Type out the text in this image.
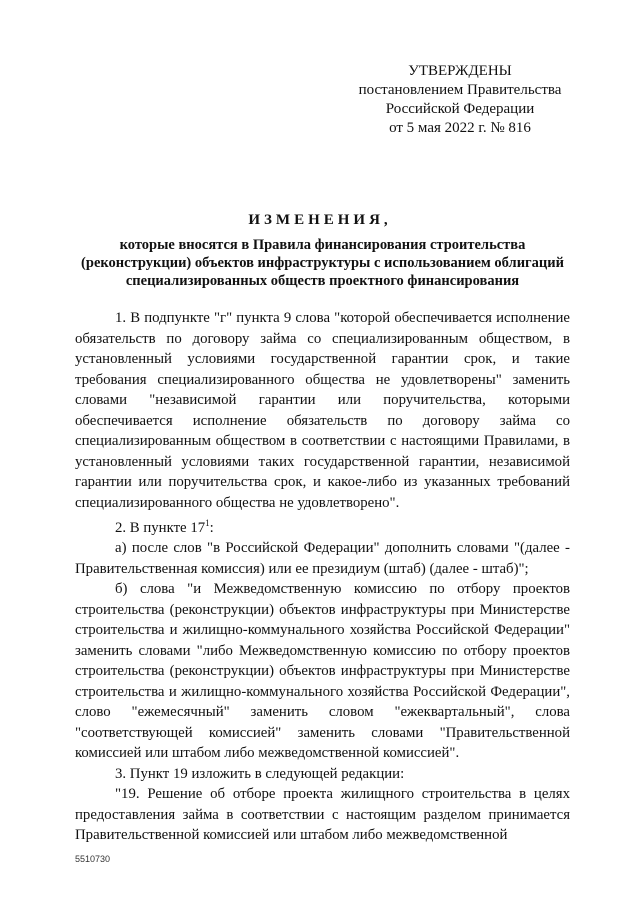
УТВЕРЖДЕНЫ
постановлением Правительства
Российской Федерации
от 5 мая 2022 г. № 816
ИЗМЕНЕНИЯ,
которые вносятся в Правила финансирования строительства (реконструкции) объектов инфраструктуры с использованием облигаций специализированных обществ проектного финансирования

1. В подпункте "г" пункта 9 слова "которой обеспечивается исполнение обязательств по договору займа со специализированным обществом, в установленный условиями государственной гарантии срок, и такие требования специализированного общества не удовлетворены" заменить словами "независимой гарантии или поручительства, которыми обеспечивается исполнение обязательств по договору займа со специализированным обществом в соответствии с настоящими Правилами, в установленный условиями таких государственной гарантии, независимой гарантии или поручительства срок, и какое-либо из указанных требований специализированного общества не удовлетворено".

2. В пункте $17^1$:

а) после слов "в Российской Федерации" дополнить словами "(далее - Правительственная комиссия) или ее президиум (штаб) (далее - штаб)";

б) слова "и Межведомственную комиссию по отбору проектов строительства (реконструкции) объектов инфраструктуры при Министерстве строительства и жилищно-коммунального хозяйства Российской Федерации" заменить словами "либо Межведомственную комиссию по отбору проектов строительства (реконструкции) объектов инфраструктуры при Министерстве строительства и жилищно-коммунального хозяйства Российской Федерации", слово "ежемесячный" заменить словом "ежеквартальный", слова "соответствующей комиссией" заменить словами "Правительственной комиссией или штабом либо межведомственной комиссией".

3. Пункт 19 изложить в следующей редакции:

"19. Решение об отборе проекта жилищного строительства в целях предоставления займа в соответствии с настоящим разделом принимается Правительственной комиссией или штабом либо межведомственной

5510730
